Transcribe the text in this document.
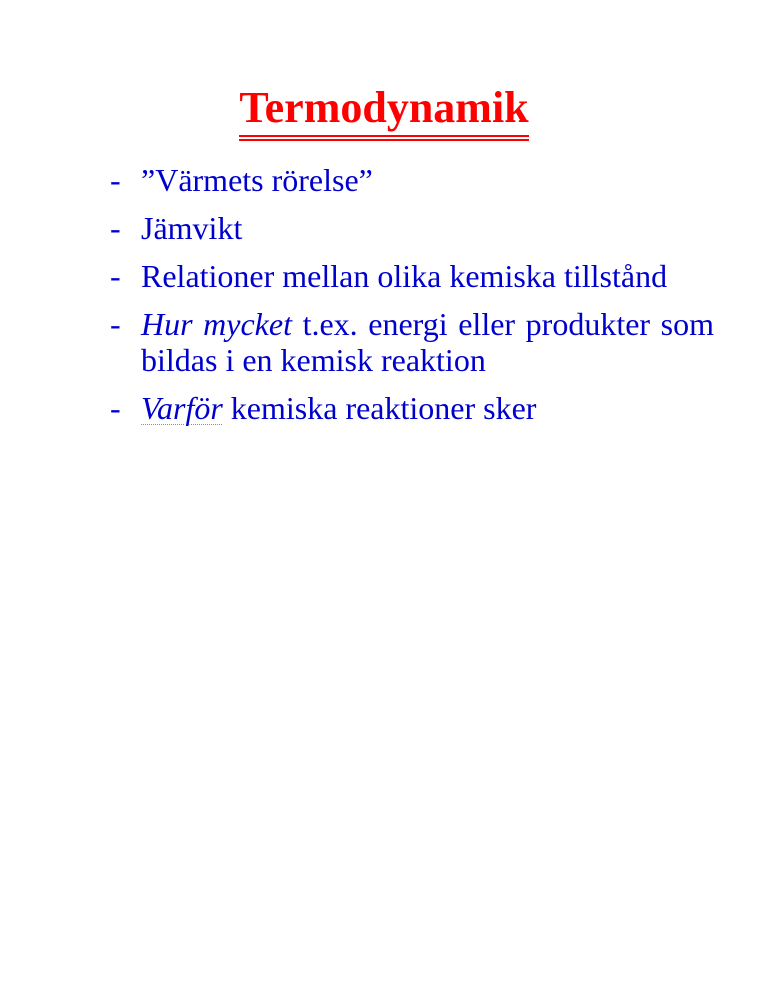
Termodynamik
- ”Värmets rörelse”
- Jämvikt
- Relationer mellan olika kemiska tillstånd
- Hur mycket t.ex. energi eller produkter som bildas i en kemisk reaktion
- Varför kemiska reaktioner sker
